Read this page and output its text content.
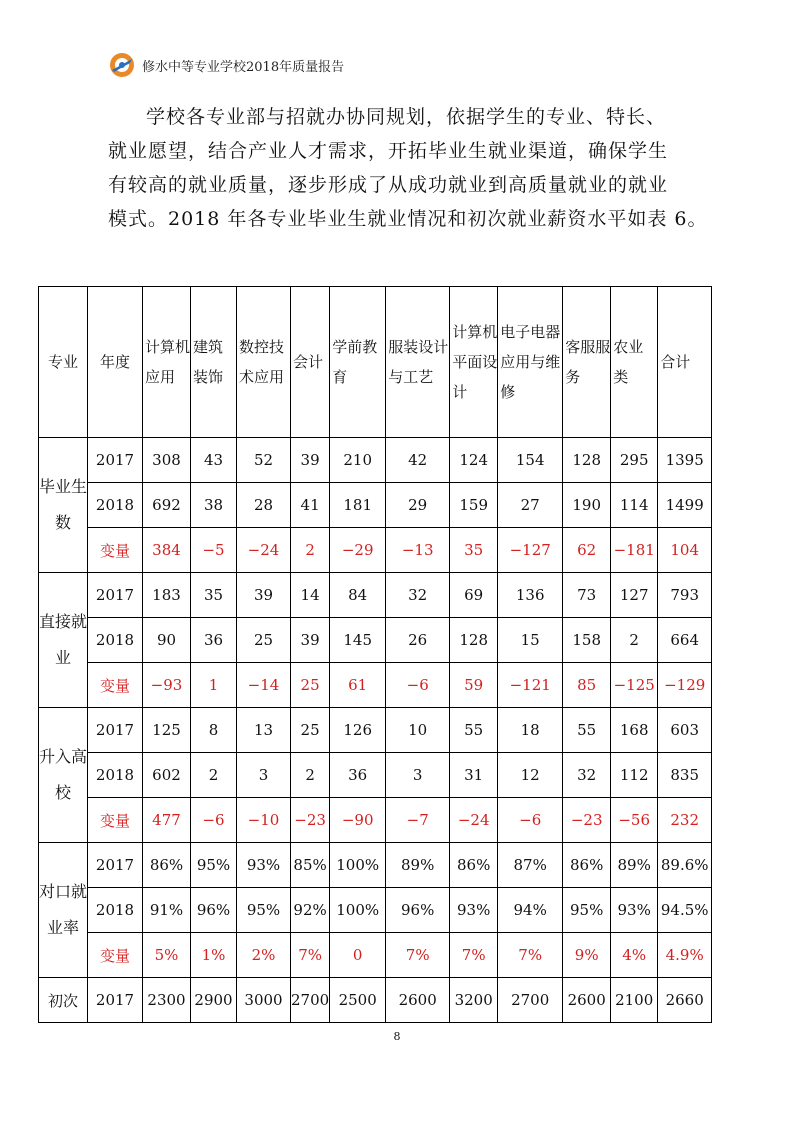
修水中等专业学校2018年质量报告

学校各专业部与招就办协同规划，依据学生的专业、特长、

就业愿望，结合产业人才需求，开拓毕业生就业渠道，确保学生

有较高的就业质量，逐步形成了从成功就业到高质量就业的就业

模式。2018 年各专业毕业生就业情况和初次就业薪资水平如表 6。

专业	年度	计算机应用	建筑装饰	数控技术应用	会计	学前教育	服装设计与工艺	计算机平面设计	电子电器应用与维修	客服服务	农业类	合计
毕业生数	2017	308	43	52	39	210	42	124	154	128	295	1395
	2018	692	38	28	41	181	29	159	27	190	114	1499
	变量	384	−5	−24	2	−29	−13	35	−127	62	−181	104
直接就业	2017	183	35	39	14	84	32	69	136	73	127	793
	2018	90	36	25	39	145	26	128	15	158	2	664
	变量	−93	1	−14	25	61	−6	59	−121	85	−125	−129
升入高校	2017	125	8	13	25	126	10	55	18	55	168	603
	2018	602	2	3	2	36	3	31	12	32	112	835
	变量	477	−6	−10	−23	−90	−7	−24	−6	−23	−56	232
对口就业率	2017	86%	95%	93%	85%	100%	89%	86%	87%	86%	89%	89.6%
	2018	91%	96%	95%	92%	100%	96%	93%	94%	95%	93%	94.5%
	变量	5%	1%	2%	7%	0	7%	7%	7%	9%	4%	4.9%
初次	2017	2300	2900	3000	2700	2500	2600	3200	2700	2600	2100	2660
8
